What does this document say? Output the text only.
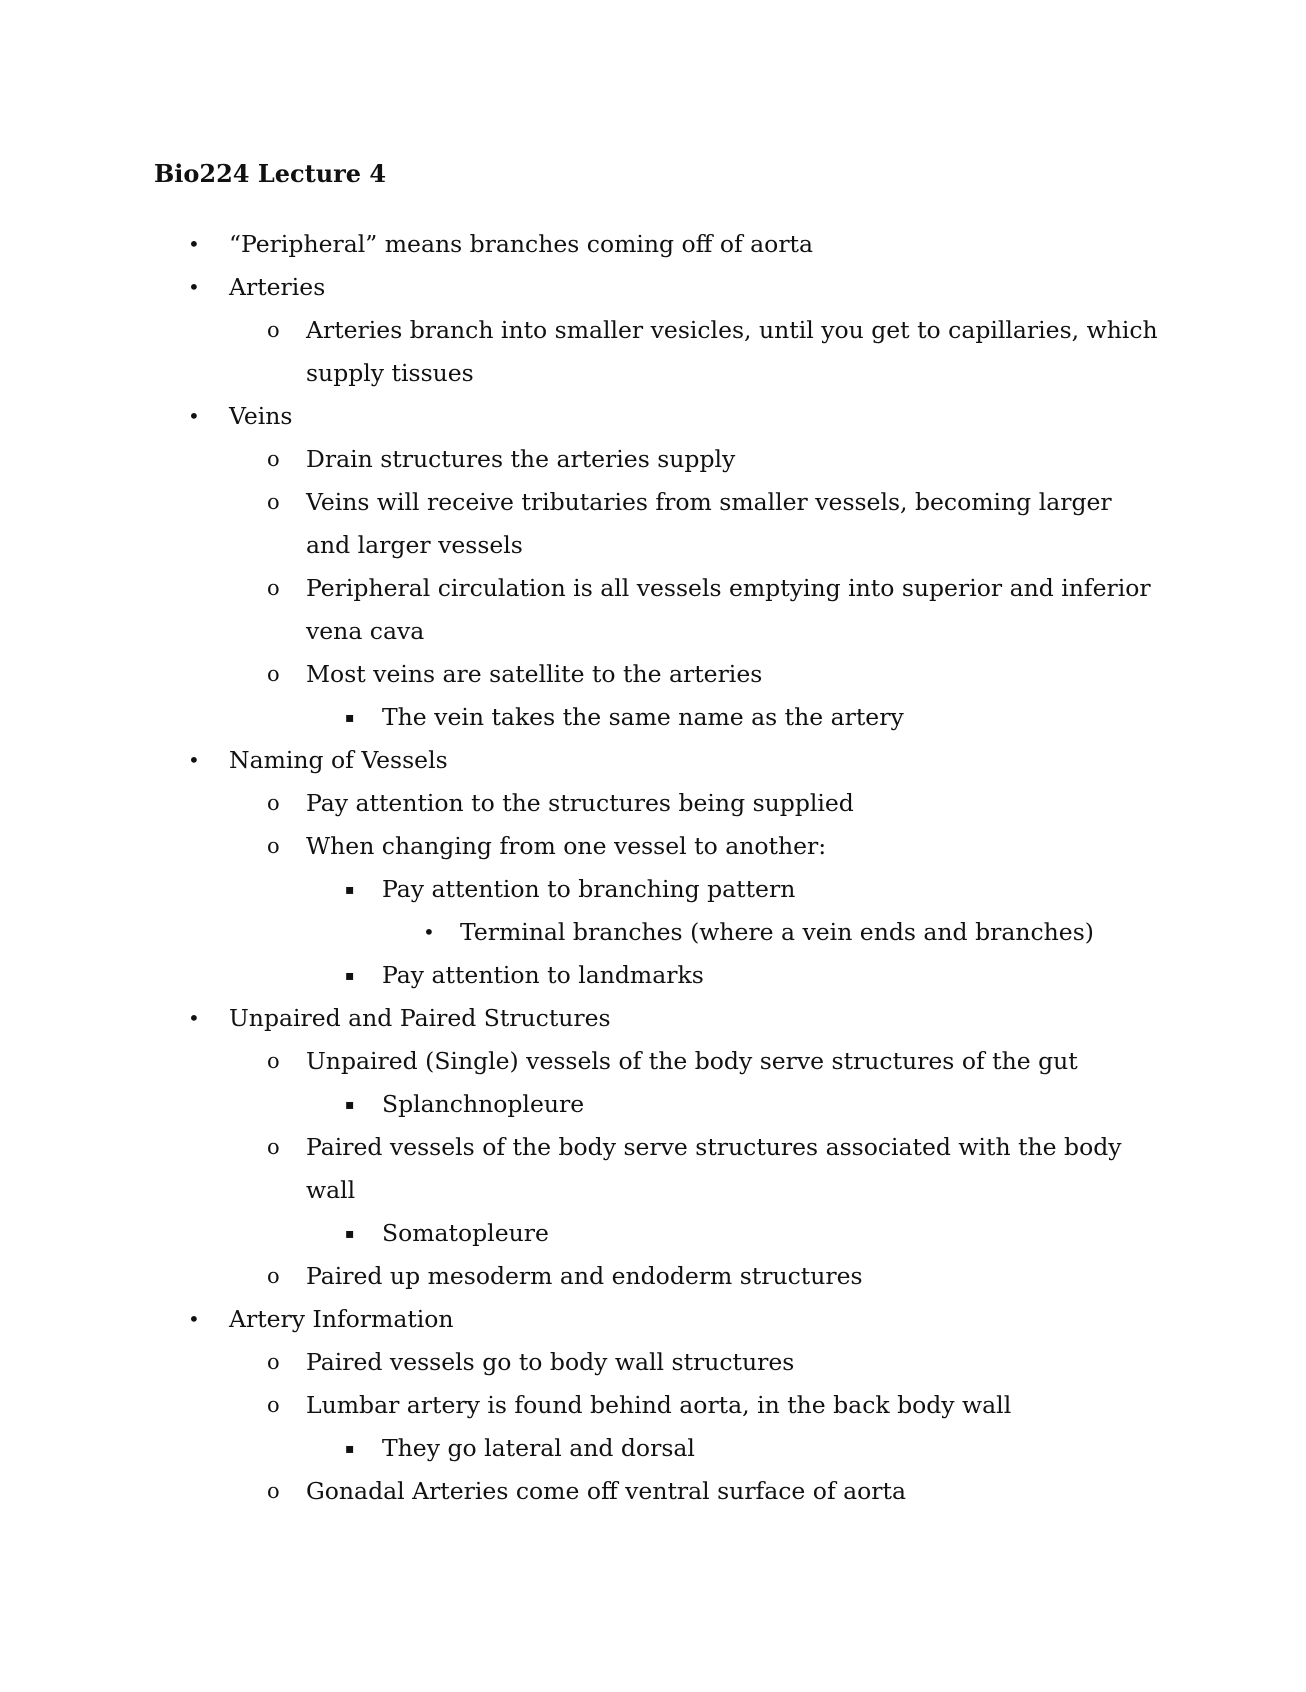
Bio224 Lecture 4
• “Peripheral” means branches coming off of aorta
• Arteries
o Arteries branch into smaller vesicles, until you get to capillaries, which
supply tissues
• Veins
o Drain structures the arteries supply
o Veins will receive tributaries from smaller vessels, becoming larger
and larger vessels
o Peripheral circulation is all vessels emptying into superior and inferior
vena cava
o Most veins are satellite to the arteries
▪ The vein takes the same name as the artery
• Naming of Vessels
o Pay attention to the structures being supplied
o When changing from one vessel to another:
▪ Pay attention to branching pattern
• Terminal branches (where a vein ends and branches)
▪ Pay attention to landmarks
• Unpaired and Paired Structures
o Unpaired (Single) vessels of the body serve structures of the gut
▪ Splanchnopleure
o Paired vessels of the body serve structures associated with the body
wall
▪ Somatopleure
o Paired up mesoderm and endoderm structures
• Artery Information
o Paired vessels go to body wall structures
o Lumbar artery is found behind aorta, in the back body wall
▪ They go lateral and dorsal
o Gonadal Arteries come off ventral surface of aorta
